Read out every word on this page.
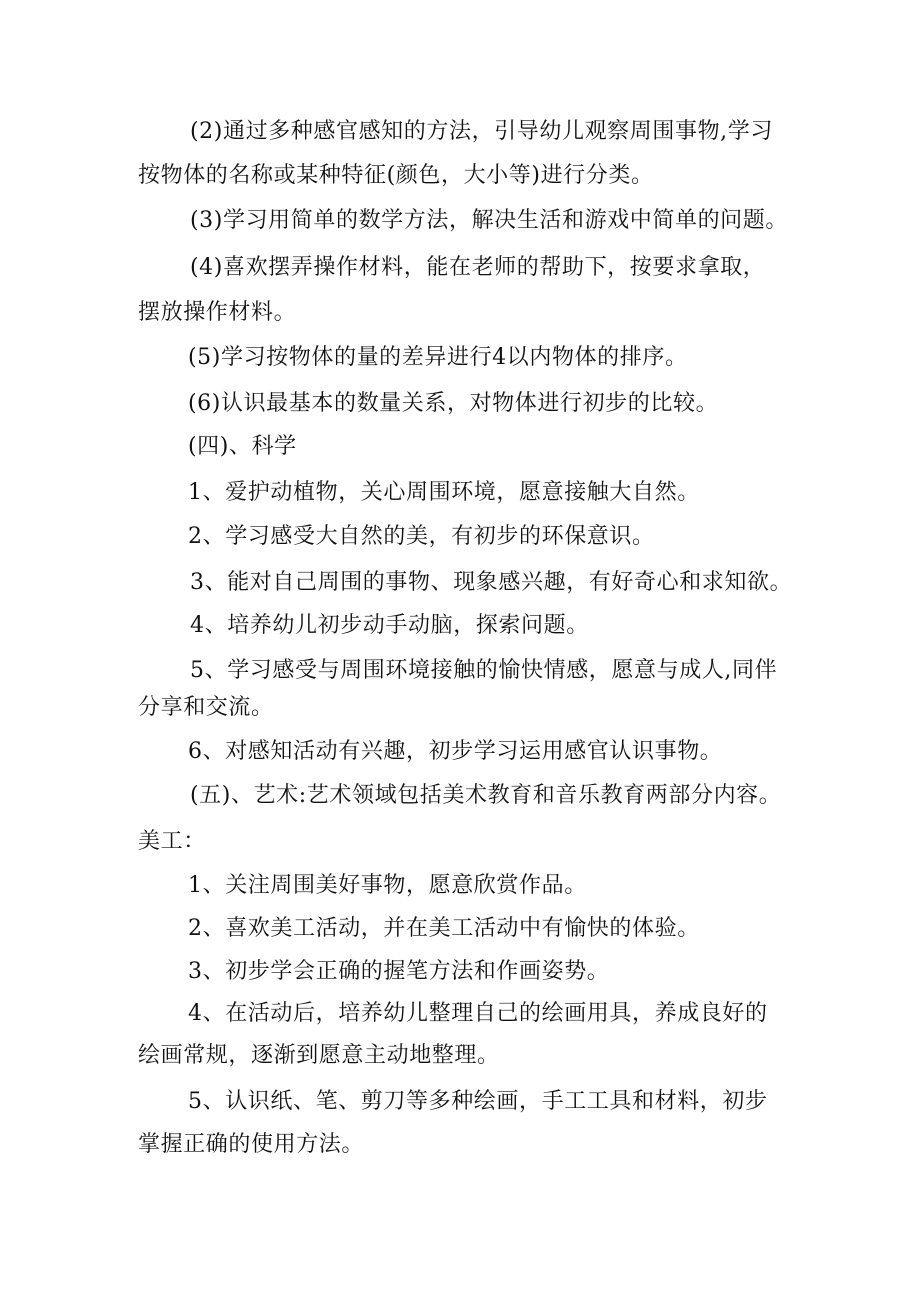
(2)通过多种感官感知的方法，引导幼儿观察周围事物,学习
按物体的名称或某种特征(颜色，大小等)进行分类。
(3)学习用简单的数学方法，解决生活和游戏中简单的问题。
(4)喜欢摆弄操作材料，能在老师的帮助下，按要求拿取，
摆放操作材料。
(5)学习按物体的量的差异进行4以内物体的排序。
(6)认识最基本的数量关系，对物体进行初步的比较。
(四)、科学
1、爱护动植物，关心周围环境，愿意接触大自然。
2、学习感受大自然的美，有初步的环保意识。
3、能对自己周围的事物、现象感兴趣，有好奇心和求知欲。
4、培养幼儿初步动手动脑，探索问题。
5、学习感受与周围环境接触的愉快情感，愿意与成人,同伴
分享和交流。
6、对感知活动有兴趣，初步学习运用感官认识事物。
(五)、艺术:艺术领域包括美术教育和音乐教育两部分内容。
美工：
1、关注周围美好事物，愿意欣赏作品。
2、喜欢美工活动，并在美工活动中有愉快的体验。
3、初步学会正确的握笔方法和作画姿势。
4、在活动后，培养幼儿整理自己的绘画用具，养成良好的
绘画常规，逐渐到愿意主动地整理。
5、认识纸、笔、剪刀等多种绘画，手工工具和材料，初步
掌握正确的使用方法。
